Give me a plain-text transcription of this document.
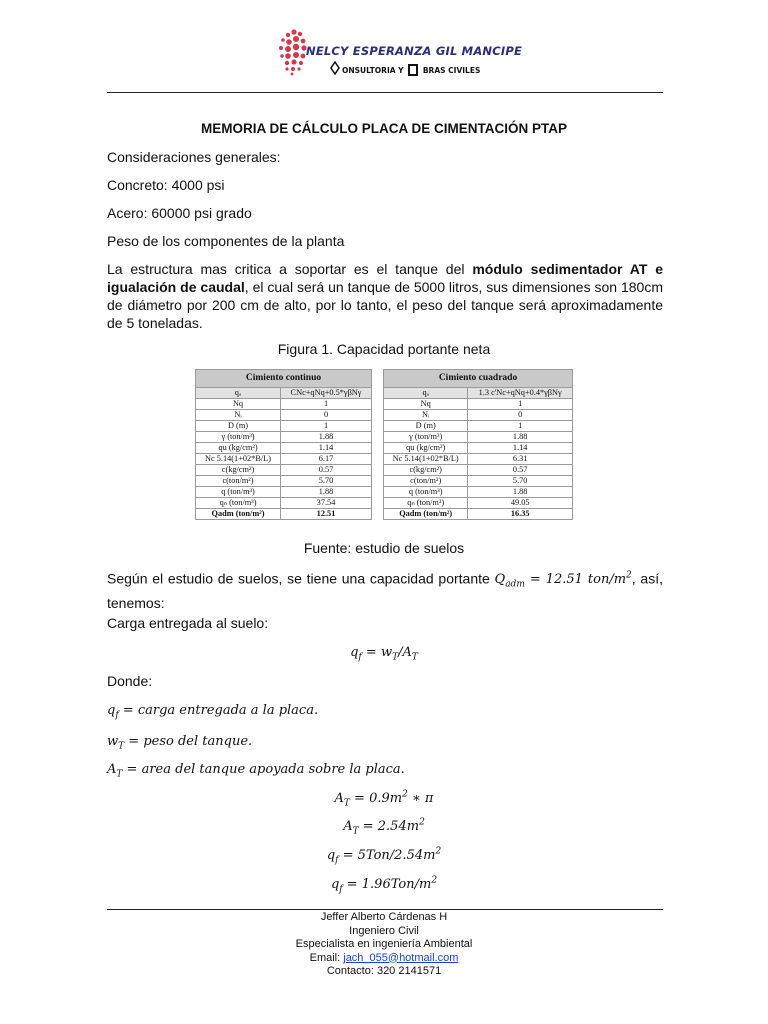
NELCY ESPERANZA GIL MANCIPE
ONSULTORIA Y	BRAS CIVILES
MEMORIA DE CÁLCULO PLACA DE CIMENTACIÓN PTAP
Consideraciones generales:
Concreto: 4000 psi
Acero: 60000 psi grado
Peso de los componentes de la planta
La estructura mas critica a soportar es el tanque del módulo sedimentador AT e igualación de caudal, el cual será un tanque de 5000 litros, sus dimensiones son 180cm de diámetro por 200 cm de alto, por lo tanto, el peso del tanque será aproximadamente de 5 toneladas.
Figura 1. Capacidad portante neta
Cimiento continuo	
qₐ	CNc+qNq+0.5*γβNγ
Nq	1
Nᵢ	0
D (m)	1
γ (ton/m³)	1.88
qu (kg/cm²)	1.14
Nc 5.14(1+02*B/L)	6.17
c(kg/cm²)	0.57
c(ton/m²)	5.70
q (ton/m³)	1.88
qₙ (ton/m³)	37.54
Qadm (ton/m²)	12.51
Cimiento cuadrado	
qₐ	1.3 c'Nc+qNq+0.4*γβNγ
Nq	1
Nᵢ	0
D (m)	1
γ (ton/m³)	1.88
qu (kg/cm²)	1.14
Nc 5.14(1+02*B/L)	6.31
c(kg/cm²)	0.57
c(ton/m²)	5.70
q (ton/m³)	1.88
qₙ (ton/m³)	49.05
Qadm (ton/m²)	16.35
Fuente: estudio de suelos
Según el estudio de suelos, se tiene una capacidad portante $Q_{adm} = 12.51$ ton/$m^2$, así, tenemos:
Carga entregada al suelo:
$q_f = w_T/A_T$
Donde:
$q_f$ = carga entregada a la placa.
$w_T$ = peso del tanque.
$A_T$ = area del tanque apoyada sobre la placa.
$A_T = 0.9m^2$ ∗ π
$A_T = 2.54m^2$
$q_f = 5Ton/2.54m^2$
$q_f = 1.96Ton/m^2$
Jeffer Alberto Cárdenas H
Ingeniero Civil
Especialista en ingeniería Ambiental
Email: jach_055@hotmail.com
Contacto: 320 2141571
